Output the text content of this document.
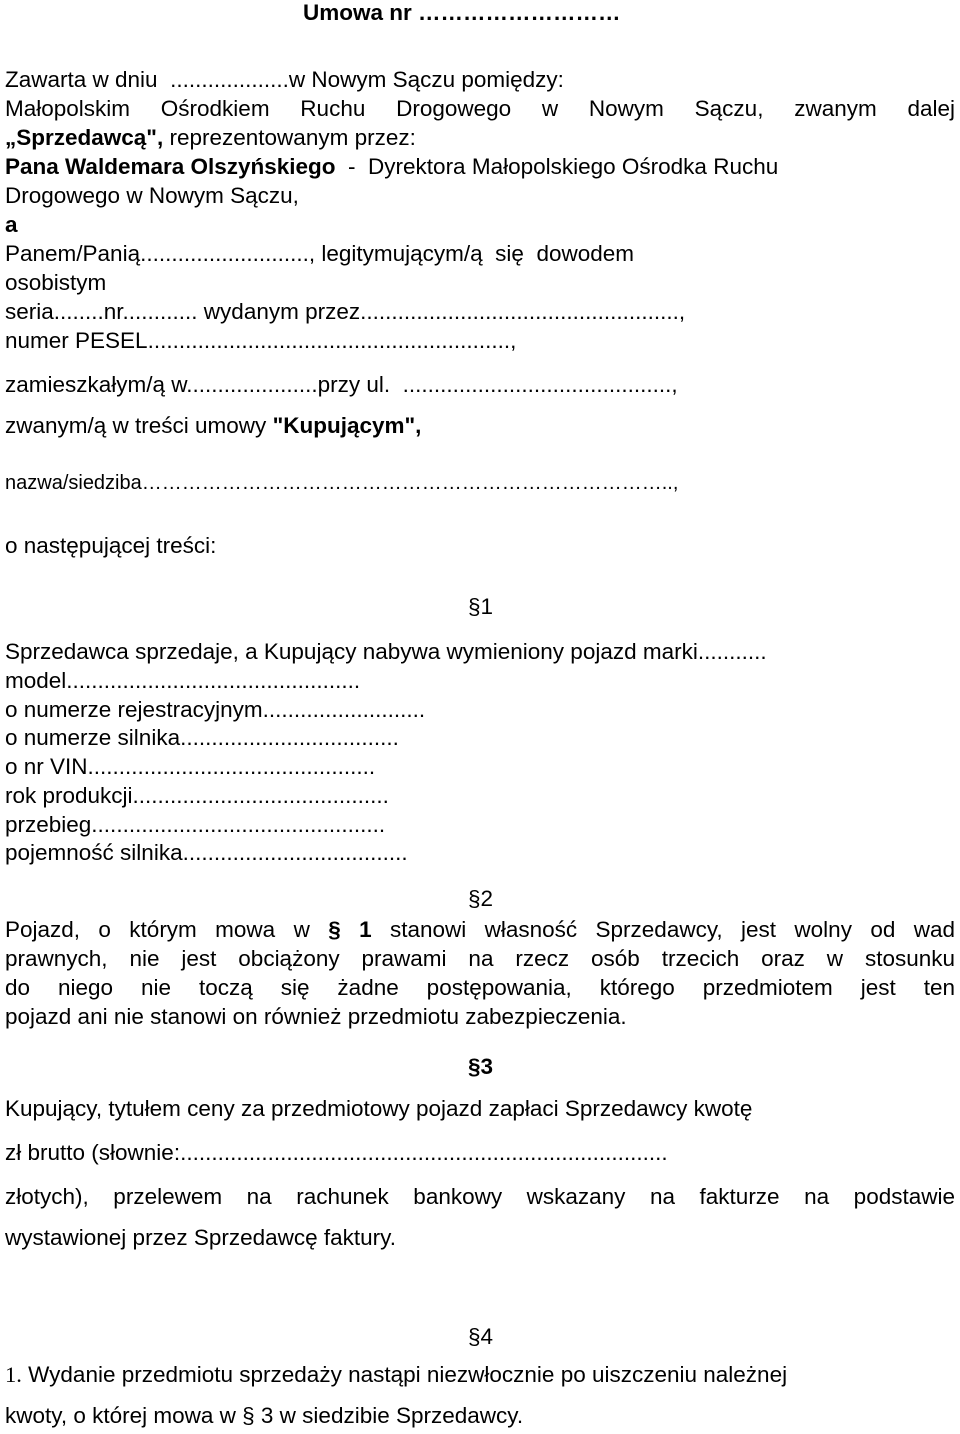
Umowa nr ………………………
Zawarta w dniu  ...................w Nowym Sączu pomiędzy:
Małopolskim Ośrodkiem Ruchu Drogowego w Nowym Sączu, zwanym dalej
„Sprzedawcą", reprezentowanym przez:
Pana Waldemara Olszyńskiego  -  Dyrektora Małopolskiego Ośrodka Ruchu
Drogowego w Nowym Sączu,
a
Panem/Panią..........................., legitymującym/ą  się  dowodem
osobistym
seria........nr............ wydanym przez...................................................,
numer PESEL..........................................................,
zamieszkałym/ą w.....................przy ul.  ...........................................,
zwanym/ą w treści umowy "Kupującym",
nazwa/siedziba……………………………………………………………………..,
o następującej treści:
§1
Sprzedawca sprzedaje, a Kupujący nabywa wymieniony pojazd marki...........
model...............................................
o numerze rejestracyjnym..........................
o numerze silnika...................................
o nr VIN..............................................
rok produkcji.........................................
przebieg...............................................
pojemność silnika....................................
§2
Pojazd, o którym mowa w § 1 stanowi własność Sprzedawcy, jest wolny od wad
prawnych, nie jest obciążony prawami na rzecz osób trzecich oraz w stosunku
do niego nie toczą się żadne postępowania, którego przedmiotem jest ten
pojazd ani nie stanowi on również przedmiotu zabezpieczenia.
§3
Kupujący, tytułem ceny za przedmiotowy pojazd zapłaci Sprzedawcy kwotę
zł brutto (słownie:..............................................................................
złotych), przelewem na rachunek bankowy wskazany na fakturze na podstawie
wystawionej przez Sprzedawcę faktury.
§4
1. Wydanie przedmiotu sprzedaży nastąpi niezwłocznie po uiszczeniu należnej
kwoty, o której mowa w § 3 w siedzibie Sprzedawcy.
